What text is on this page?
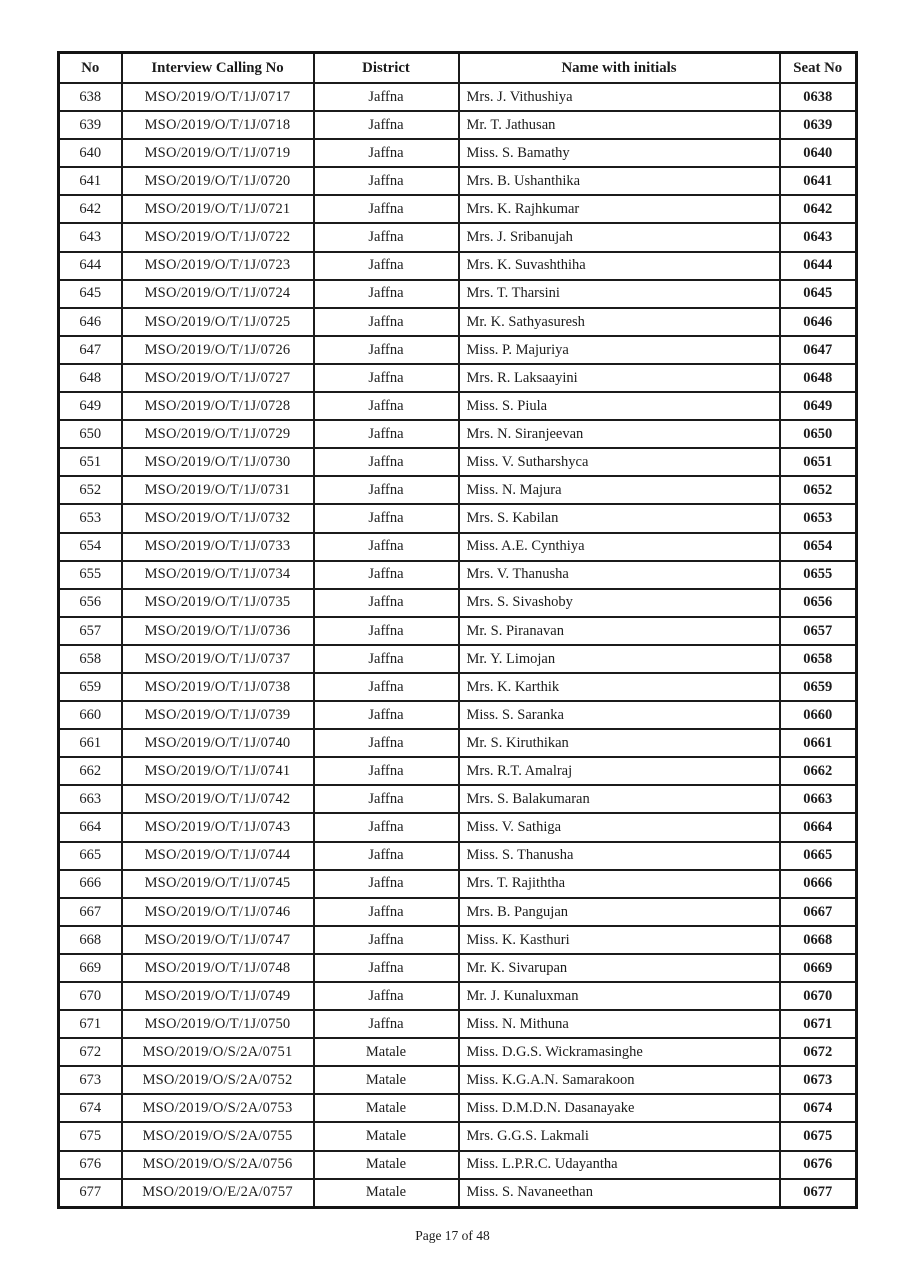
No	Interview Calling No	District	Name with initials	Seat No
638	MSO/2019/O/T/1J/0717	Jaffna	Mrs. J. Vithushiya	0638
639	MSO/2019/O/T/1J/0718	Jaffna	Mr. T. Jathusan	0639
640	MSO/2019/O/T/1J/0719	Jaffna	Miss. S. Bamathy	0640
641	MSO/2019/O/T/1J/0720	Jaffna	Mrs. B. Ushanthika	0641
642	MSO/2019/O/T/1J/0721	Jaffna	Mrs. K. Rajhkumar	0642
643	MSO/2019/O/T/1J/0722	Jaffna	Mrs. J. Sribanujah	0643
644	MSO/2019/O/T/1J/0723	Jaffna	Mrs. K. Suvashthiha	0644
645	MSO/2019/O/T/1J/0724	Jaffna	Mrs. T. Tharsini	0645
646	MSO/2019/O/T/1J/0725	Jaffna	Mr. K. Sathyasuresh	0646
647	MSO/2019/O/T/1J/0726	Jaffna	Miss. P. Majuriya	0647
648	MSO/2019/O/T/1J/0727	Jaffna	Mrs. R. Laksaayini	0648
649	MSO/2019/O/T/1J/0728	Jaffna	Miss. S. Piula	0649
650	MSO/2019/O/T/1J/0729	Jaffna	Mrs. N. Siranjeevan	0650
651	MSO/2019/O/T/1J/0730	Jaffna	Miss. V. Sutharshyca	0651
652	MSO/2019/O/T/1J/0731	Jaffna	Miss. N. Majura	0652
653	MSO/2019/O/T/1J/0732	Jaffna	Mrs. S. Kabilan	0653
654	MSO/2019/O/T/1J/0733	Jaffna	Miss. A.E. Cynthiya	0654
655	MSO/2019/O/T/1J/0734	Jaffna	Mrs. V. Thanusha	0655
656	MSO/2019/O/T/1J/0735	Jaffna	Mrs. S. Sivashoby	0656
657	MSO/2019/O/T/1J/0736	Jaffna	Mr. S. Piranavan	0657
658	MSO/2019/O/T/1J/0737	Jaffna	Mr. Y. Limojan	0658
659	MSO/2019/O/T/1J/0738	Jaffna	Mrs. K. Karthik	0659
660	MSO/2019/O/T/1J/0739	Jaffna	Miss. S. Saranka	0660
661	MSO/2019/O/T/1J/0740	Jaffna	Mr. S. Kiruthikan	0661
662	MSO/2019/O/T/1J/0741	Jaffna	Mrs. R.T. Amalraj	0662
663	MSO/2019/O/T/1J/0742	Jaffna	Mrs. S. Balakumaran	0663
664	MSO/2019/O/T/1J/0743	Jaffna	Miss. V. Sathiga	0664
665	MSO/2019/O/T/1J/0744	Jaffna	Miss. S. Thanusha	0665
666	MSO/2019/O/T/1J/0745	Jaffna	Mrs. T. Rajiththa	0666
667	MSO/2019/O/T/1J/0746	Jaffna	Mrs. B. Pangujan	0667
668	MSO/2019/O/T/1J/0747	Jaffna	Miss. K. Kasthuri	0668
669	MSO/2019/O/T/1J/0748	Jaffna	Mr. K. Sivarupan	0669
670	MSO/2019/O/T/1J/0749	Jaffna	Mr. J. Kunaluxman	0670
671	MSO/2019/O/T/1J/0750	Jaffna	Miss. N. Mithuna	0671
672	MSO/2019/O/S/2A/0751	Matale	Miss. D.G.S. Wickramasinghe	0672
673	MSO/2019/O/S/2A/0752	Matale	Miss. K.G.A.N. Samarakoon	0673
674	MSO/2019/O/S/2A/0753	Matale	Miss. D.M.D.N. Dasanayake	0674
675	MSO/2019/O/S/2A/0755	Matale	Mrs. G.G.S. Lakmali	0675
676	MSO/2019/O/S/2A/0756	Matale	Miss. L.P.R.C. Udayantha	0676
677	MSO/2019/O/E/2A/0757	Matale	Miss. S. Navaneethan	0677
Page 17 of 48
